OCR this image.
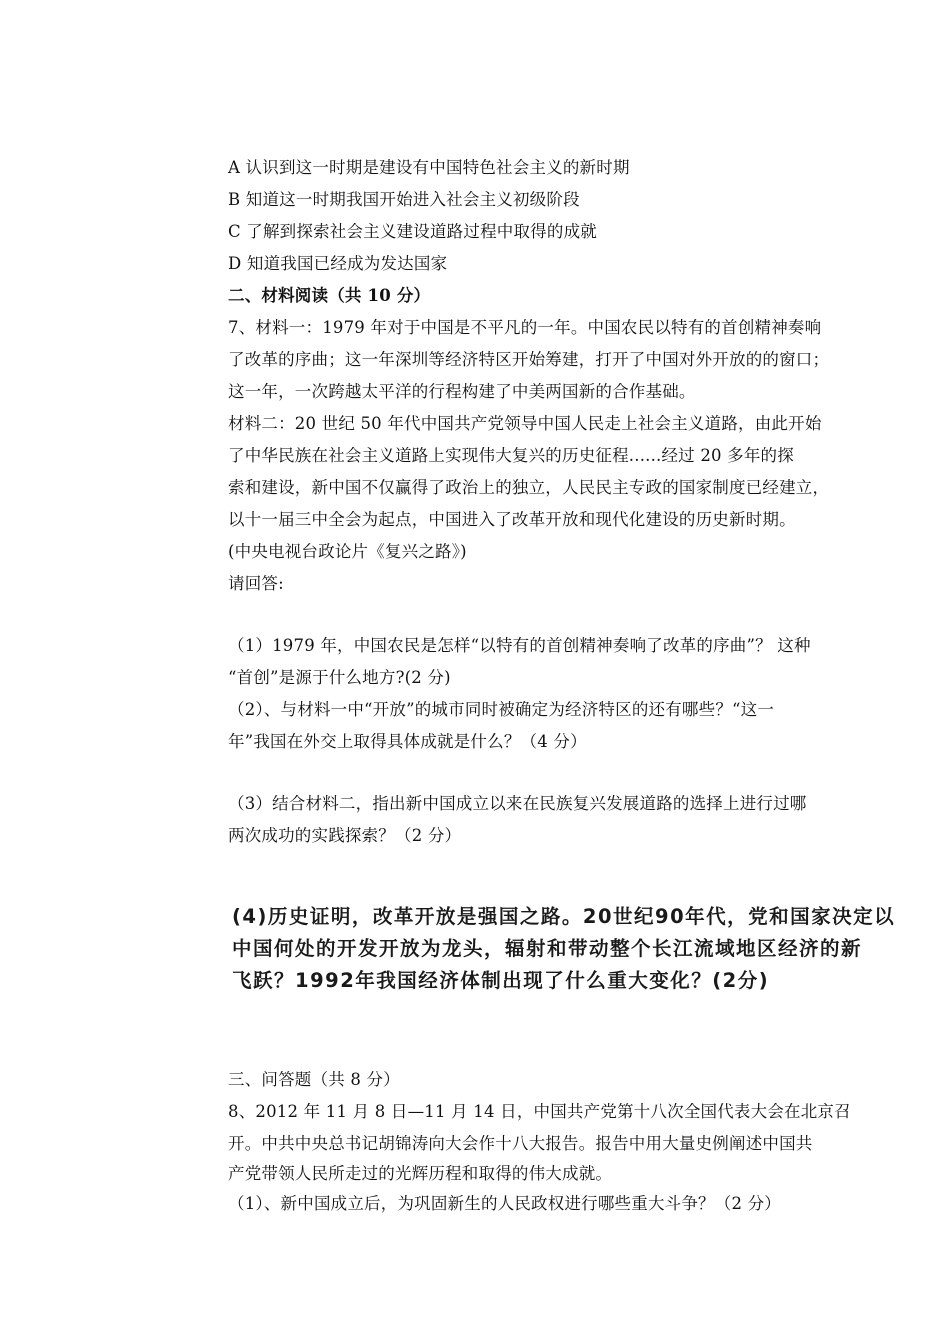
A 认识到这一时期是建设有中国特色社会主义的新时期
B 知道这一时期我国开始进入社会主义初级阶段
C 了解到探索社会主义建设道路过程中取得的成就
D 知道我国已经成为发达国家
二、材料阅读（共 10 分）
7、材料一：1979 年对于中国是不平凡的一年。中国农民以特有的首创精神奏响
了改革的序曲；这一年深圳等经济特区开始筹建，打开了中国对外开放的的窗口；
这一年，一次跨越太平洋的行程构建了中美两国新的合作基础。
材料二：20 世纪 50 年代中国共产党领导中国人民走上社会主义道路，由此开始
了中华民族在社会主义道路上实现伟大复兴的历史征程......经过 20 多年的探
索和建设，新中国不仅赢得了政治上的独立，人民民主专政的国家制度已经建立，
以十一届三中全会为起点，中国进入了改革开放和现代化建设的历史新时期。
(中央电视台政论片《复兴之路》)
请回答:
（1）1979 年，中国农民是怎样“以特有的首创精神奏响了改革的序曲”？ 这种
“首创”是源于什么地方?(2 分)
（2）、与材料一中“开放”的城市同时被确定为经济特区的还有哪些？“这一
年”我国在外交上取得具体成就是什么？（4 分）
（3）结合材料二，指出新中国成立以来在民族复兴发展道路的选择上进行过哪
两次成功的实践探索？（2 分）
(4)历史证明，改革开放是强国之路。20世纪90年代，党和国家决定以
中国何处的开发开放为龙头，辐射和带动整个长江流域地区经济的新
飞跃？1992年我国经济体制出现了什么重大变化？(2分)
三、问答题（共 8 分）
8、2012 年 11 月 8 日—11 月 14 日，中国共产党第十八次全国代表大会在北京召
开。中共中央总书记胡锦涛向大会作十八大报告。报告中用大量史例阐述中国共
产党带领人民所走过的光辉历程和取得的伟大成就。
（1）、新中国成立后，为巩固新生的人民政权进行哪些重大斗争？（2 分）
